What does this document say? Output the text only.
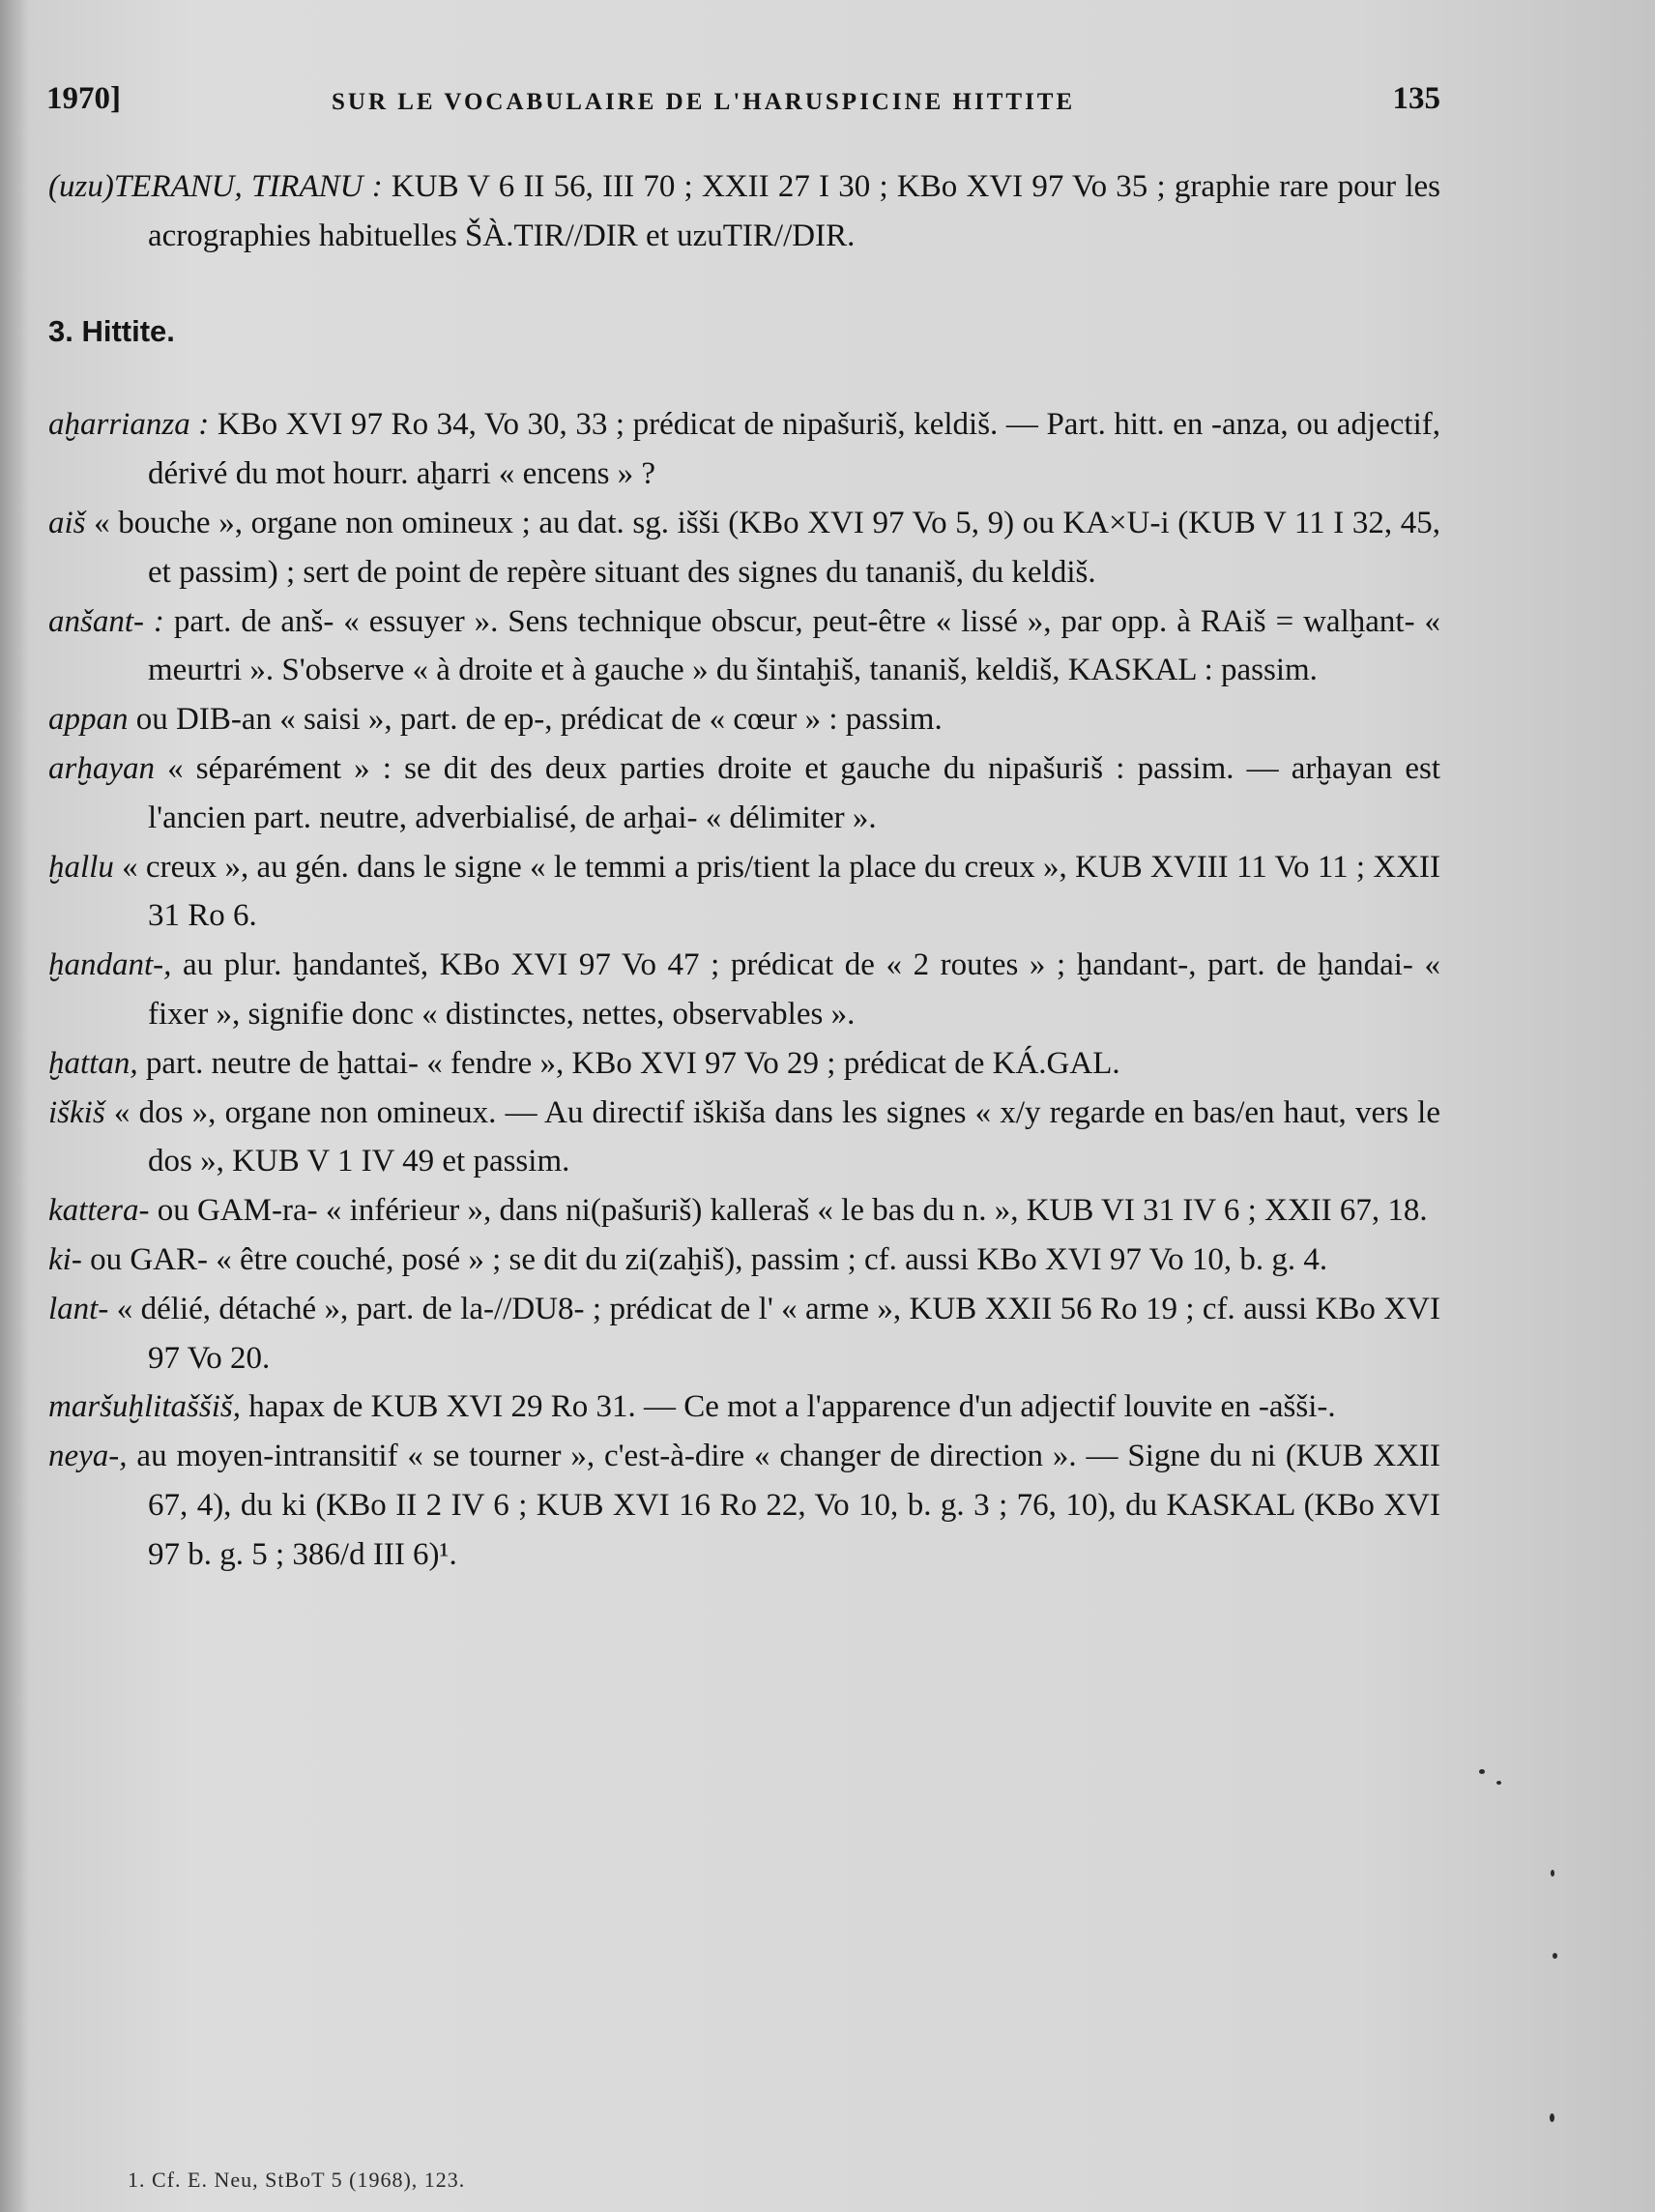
1970]	SUR LE VOCABULAIRE DE L'HARUSPICINE HITTITE	135

(uzu)TERANU, TIRANU : KUB V 6 II 56, III 70 ; XXII 27 I 30 ; KBo XVI 97 Vo 35 ; graphie rare pour les acrographies habituelles ŠÀ.TIR//DIR et uzuTIR//DIR.

3. Hittite.

aḫarrianza : KBo XVI 97 Ro 34, Vo 30, 33 ; prédicat de nipašuriš, keldiš. — Part. hitt. en -anza, ou adjectif, dérivé du mot hourr. aḫarri « encens » ?

aiš « bouche », organe non omineux ; au dat. sg. išši (KBo XVI 97 Vo 5, 9) ou KA×U-i (KUB V 11 I 32, 45, et passim) ; sert de point de repère situant des signes du tananiš, du keldiš.

anšant- : part. de anš- « essuyer ». Sens technique obscur, peut-être « lissé », par opp. à RAiš = walḫant- « meurtri ». S'observe « à droite et à gauche » du šintaḫiš, tananiš, keldiš, KASKAL : passim.

appan ou DIB-an « saisi », part. de ep-, prédicat de « cœur » : passim.

arḫayan « séparément » : se dit des deux parties droite et gauche du nipašuriš : passim. — arḫayan est l'ancien part. neutre, adverbialisé, de arḫai- « délimiter ».

ḫallu « creux », au gén. dans le signe « le temmi a pris/tient la place du creux », KUB XVIII 11 Vo 11 ; XXII 31 Ro 6.

ḫandant-, au plur. ḫandanteš, KBo XVI 97 Vo 47 ; prédicat de « 2 routes » ; ḫandant-, part. de ḫandai- « fixer », signifie donc « distinctes, nettes, observables ».

ḫattan, part. neutre de ḫattai- « fendre », KBo XVI 97 Vo 29 ; prédicat de KÁ.GAL.

iškiš « dos », organe non omineux. — Au directif iškiša dans les signes « x/y regarde en bas/en haut, vers le dos », KUB V 1 IV 49 et passim.

kattera- ou GAM-ra- « inférieur », dans ni(pašuriš) kalleraš « le bas du n. », KUB VI 31 IV 6 ; XXII 67, 18.

ki- ou GAR- « être couché, posé » ; se dit du zi(zaḫiš), passim ; cf. aussi KBo XVI 97 Vo 10, b. g. 4.

lant- « délié, détaché », part. de la-//DU8- ; prédicat de l' « arme », KUB XXII 56 Ro 19 ; cf. aussi KBo XVI 97 Vo 20.

maršuḫlitaššiš, hapax de KUB XVI 29 Ro 31. — Ce mot a l'apparence d'un adjectif louvite en -ašši-.

neya-, au moyen-intransitif « se tourner », c'est-à-dire « changer de direction ». — Signe du ni (KUB XXII 67, 4), du ki (KBo II 2 IV 6 ; KUB XVI 16 Ro 22, Vo 10, b. g. 3 ; 76, 10), du KASKAL (KBo XVI 97 b. g. 5 ; 386/d III 6)¹.

1. Cf. E. Neu, StBoT 5 (1968), 123.
